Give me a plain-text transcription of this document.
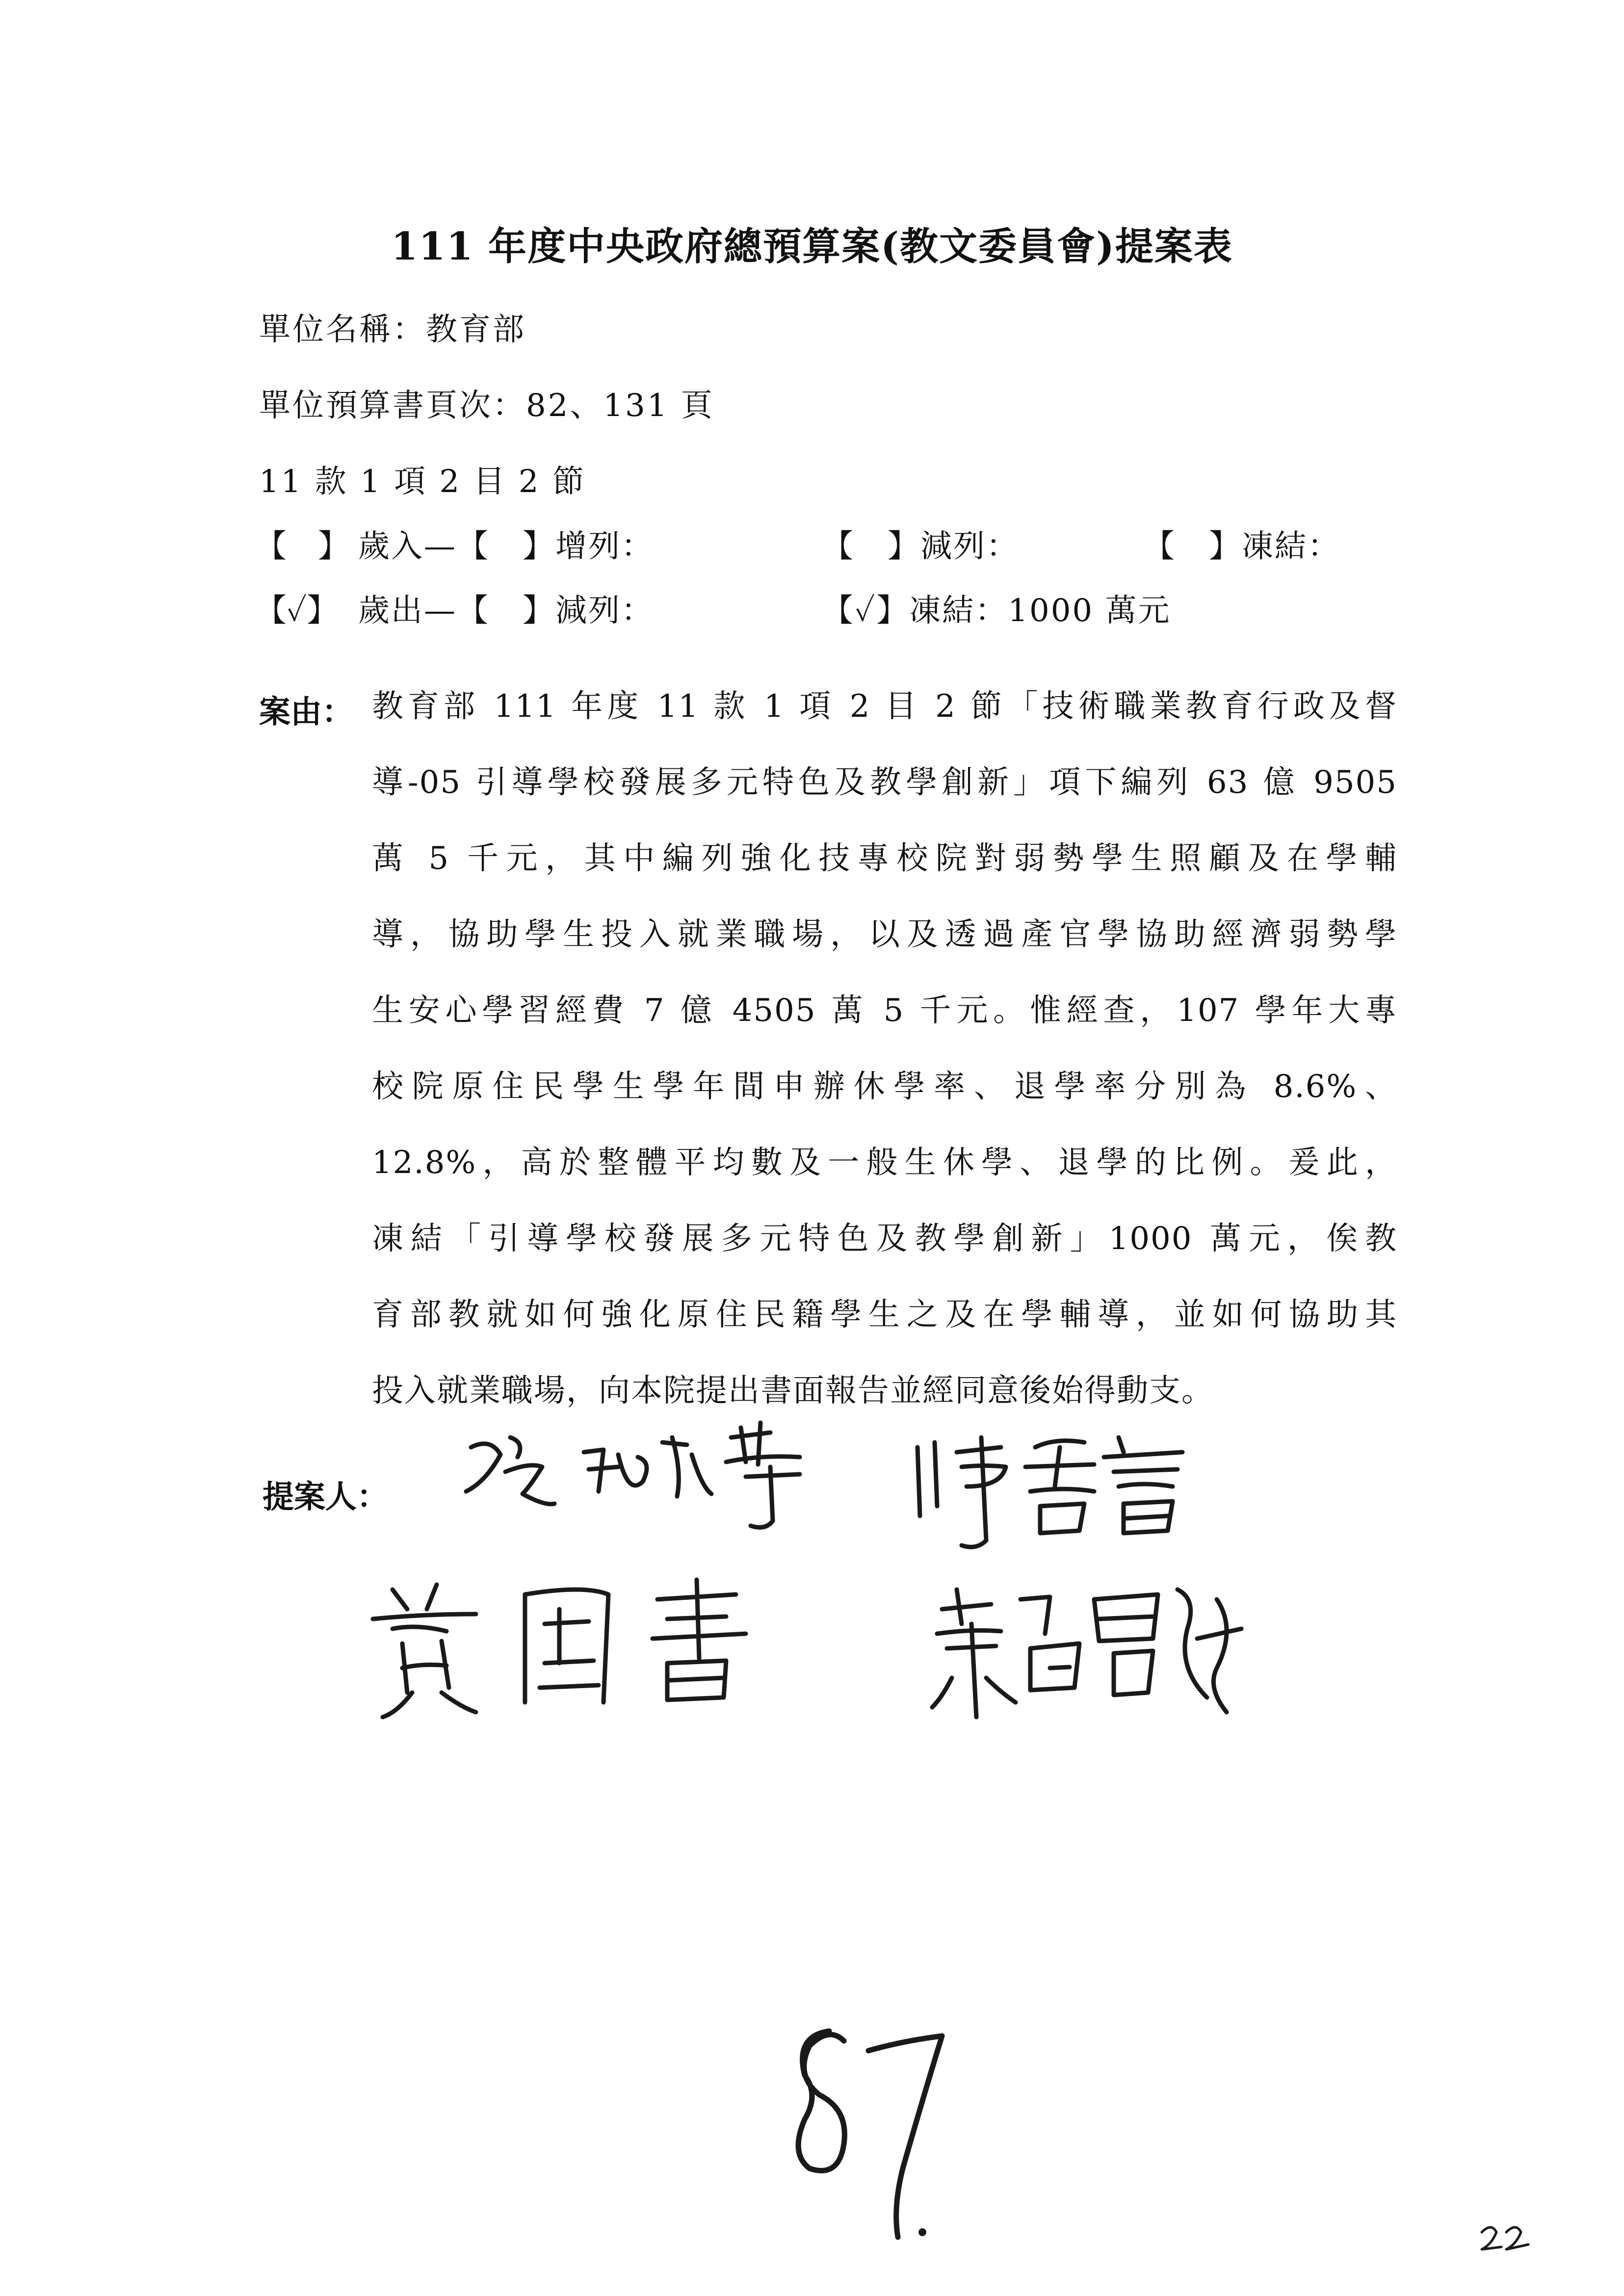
111 年度中央政府總預算案(教文委員會)提案表
單位名稱：教育部
單位預算書頁次：82、131 頁
11 款 1 項 2 目 2 節
【　】 歲入—【　】增列：	【　】減列：	【　】凍結：
【✓】 歲出—【　】減列：	【✓】凍結：1000 萬元
案由： 教育部 111 年度 11 款 1 項 2 目 2 節「技術職業教育行政及督
導-05 引導學校發展多元特色及教學創新」項下編列 63 億 9505
萬 5 千元，其中編列強化技專校院對弱勢學生照顧及在學輔
導，協助學生投入就業職場，以及透過產官學協助經濟弱勢學
生安心學習經費 7 億 4505 萬 5 千元。惟經查，107 學年大專
校院原住民學生學年間申辦休學率、退學率分別為 8.6%、
12.8%，高於整體平均數及一般生休學、退學的比例。爰此，
凍結「引導學校發展多元特色及教學創新」1000 萬元，俟教
育部教就如何強化原住民籍學生之及在學輔導，並如何協助其
投入就業職場，向本院提出書面報告並經同意後始得動支。
提案人：
